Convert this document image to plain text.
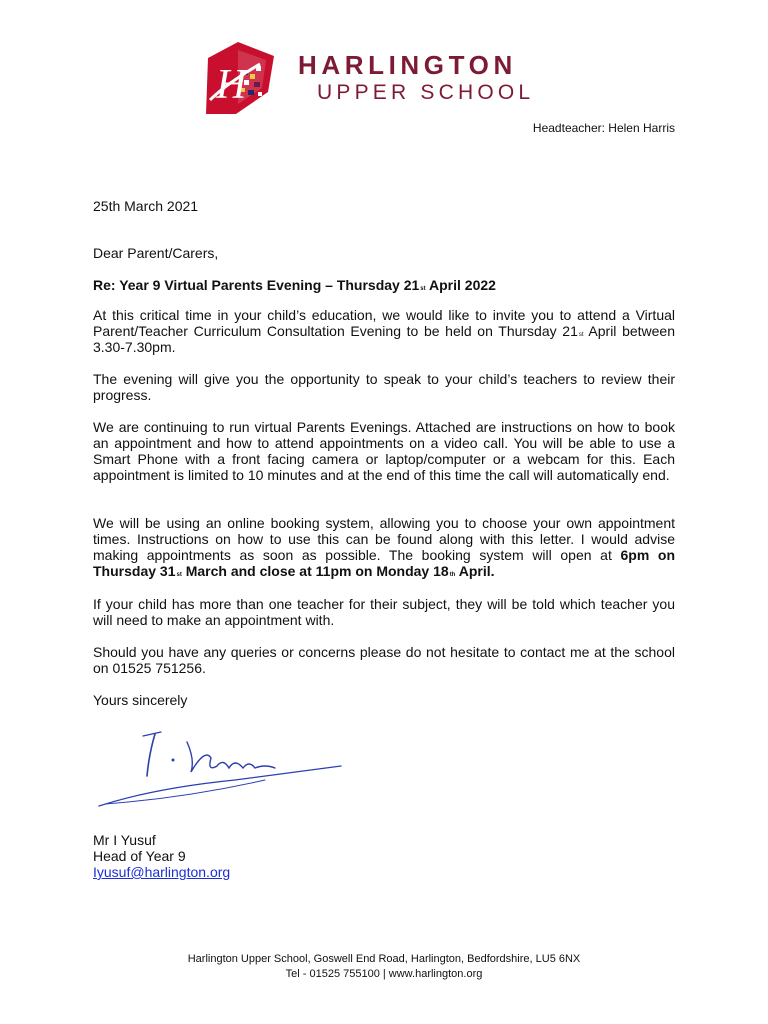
H HARLINGTON
UPPER SCHOOL
Headteacher: Helen Harris
25th March 2021
Dear Parent/Carers,
Re: Year 9 Virtual Parents Evening – Thursday 21st April 2022
At this critical time in your child’s education, we would like to invite you to attend a Virtual Parent/Teacher Curriculum Consultation Evening to be held on Thursday 21st April between 3.30-7.30pm.
The evening will give you the opportunity to speak to your child’s teachers to review their progress.
We are continuing to run virtual Parents Evenings. Attached are instructions on how to book an appointment and how to attend appointments on a video call. You will be able to use a Smart Phone with a front facing camera or laptop/computer or a webcam for this. Each appointment is limited to 10 minutes and at the end of this time the call will automatically end.
We will be using an online booking system, allowing you to choose your own appointment times. Instructions on how to use this can be found along with this letter. I would advise making appointments as soon as possible. The booking system will open at 6pm on Thursday 31st March and close at 11pm on Monday 18th April.
If your child has more than one teacher for their subject, they will be told which teacher you will need to make an appointment with.
Should you have any queries or concerns please do not hesitate to contact me at the school on 01525 751256.
Yours sincerely
Mr I Yusuf
Head of Year 9
Iyusuf@harlington.org
Harlington Upper School, Goswell End Road, Harlington, Bedfordshire, LU5 6NX
Tel - 01525 755100 | www.harlington.org
